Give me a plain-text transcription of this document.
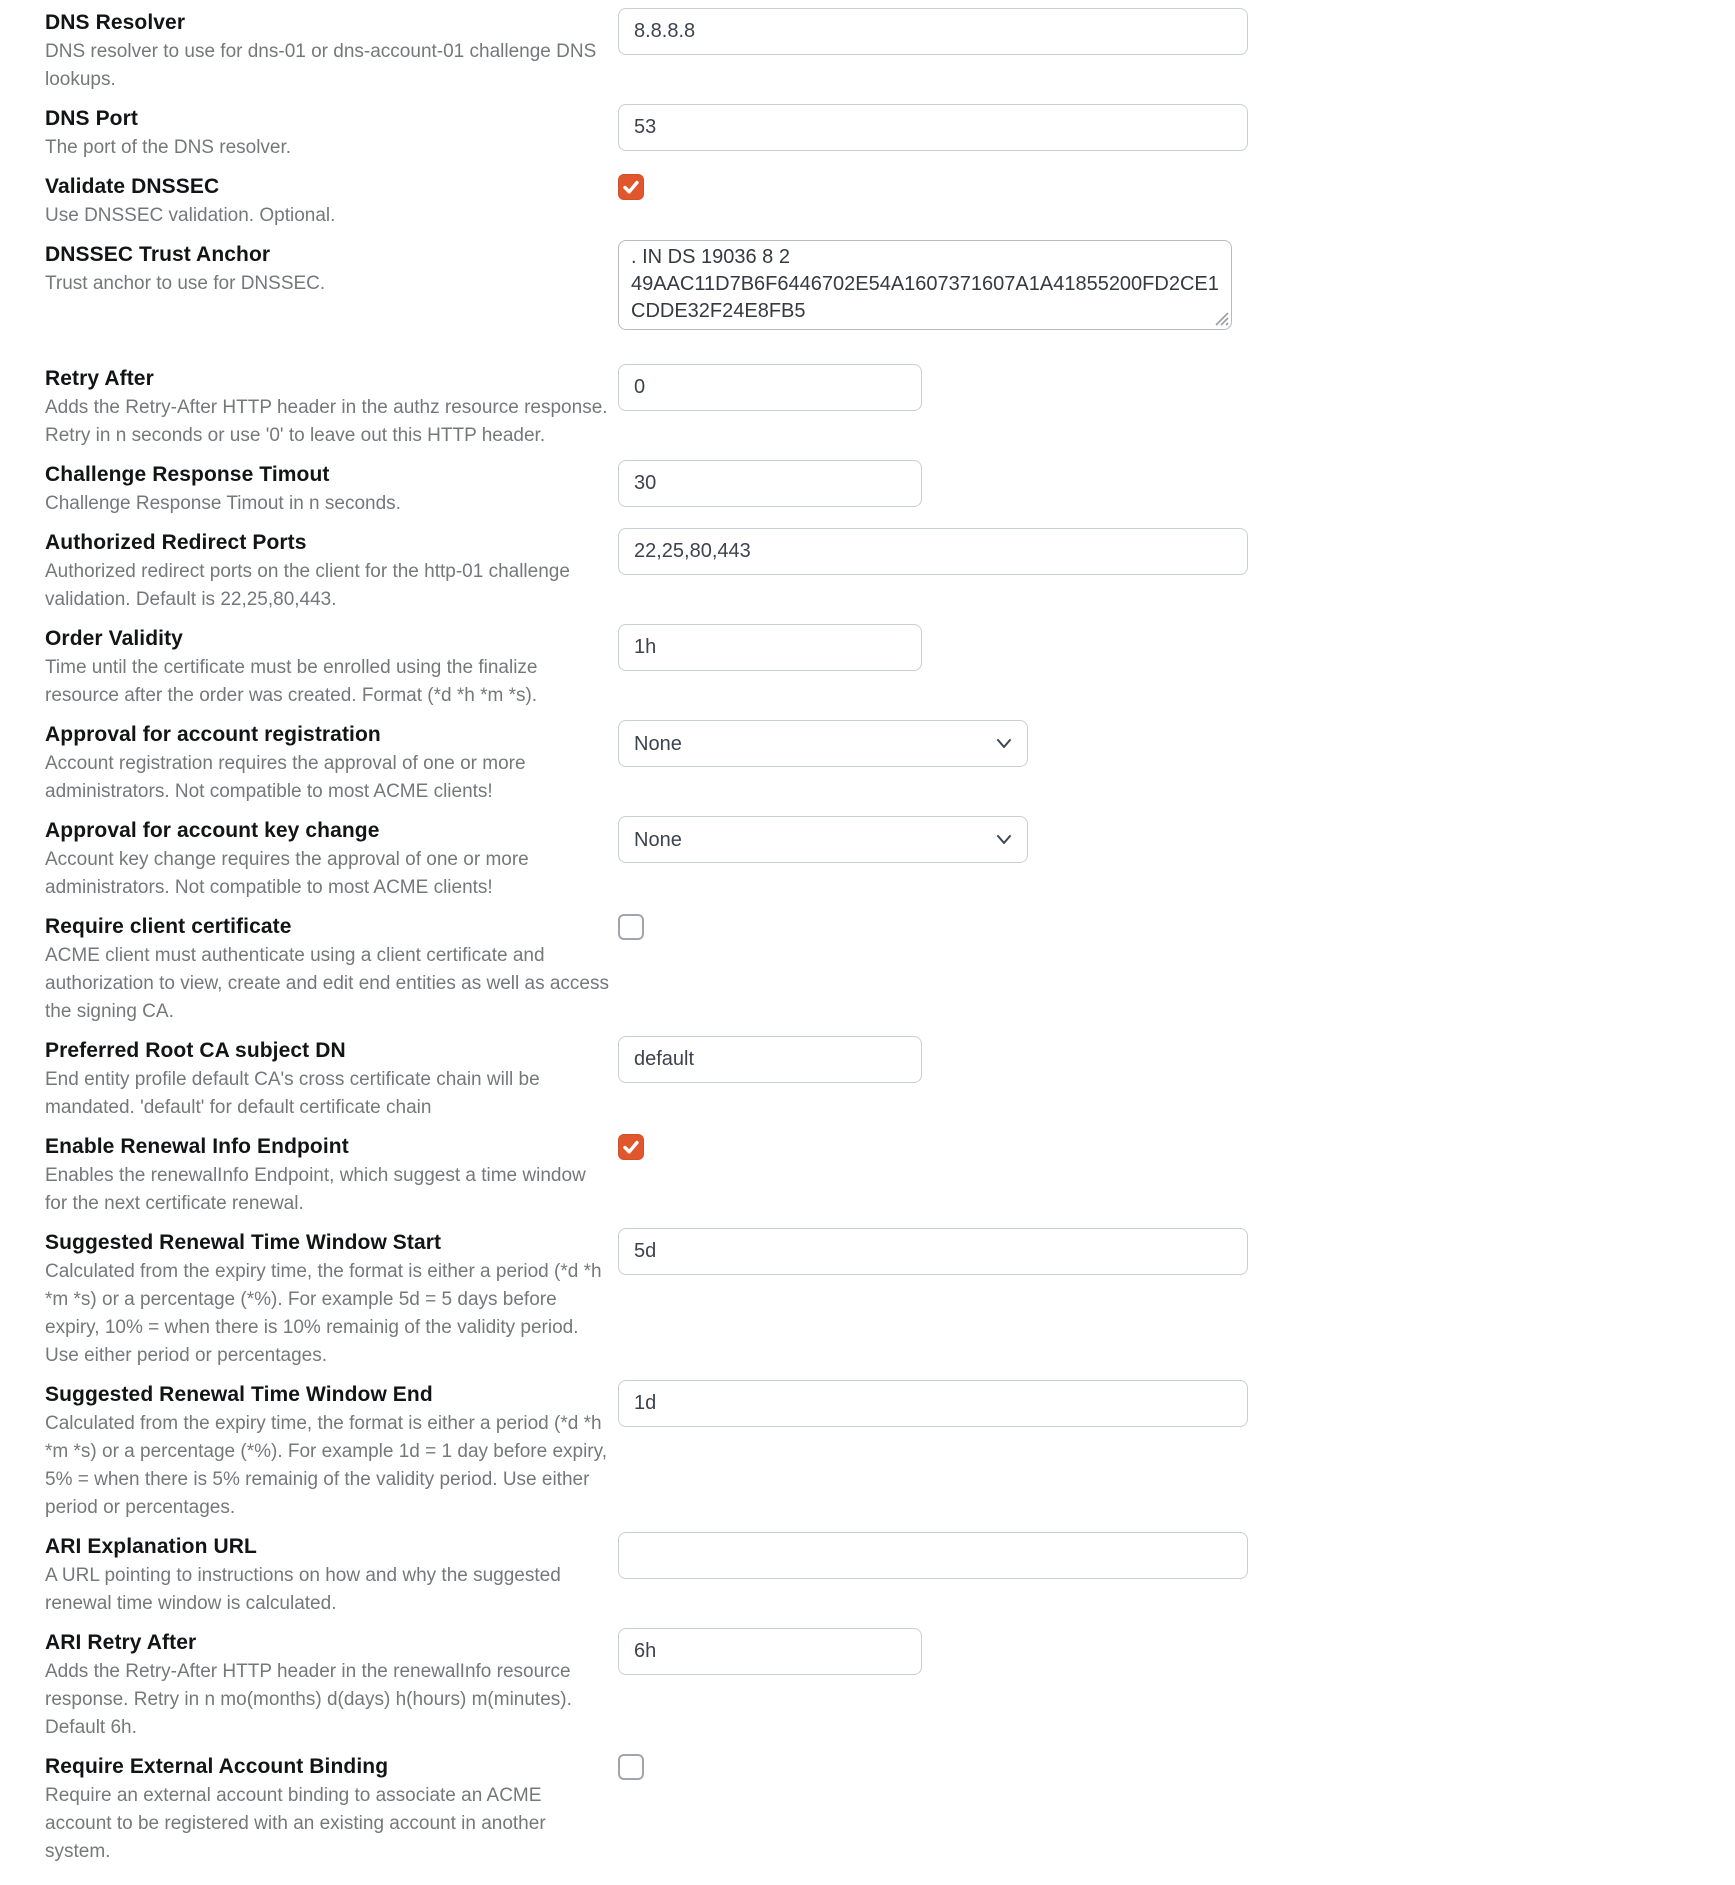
DNS Resolver
DNS resolver to use for dns-01 or dns-account-01 challenge DNS lookups.
8.8.8.8
DNS Port
The port of the DNS resolver.
53
Validate DNSSEC
Use DNSSEC validation. Optional.
DNSSEC Trust Anchor
Trust anchor to use for DNSSEC.
. IN DS 19036 8 2 49AAC11D7B6F6446702E54A1607371607A1A41855200FD2CE1CDDE32F24E8FB5
Retry After
Adds the Retry-After HTTP header in the authz resource response. Retry in n seconds or use '0' to leave out this HTTP header.
0
Challenge Response Timout
Challenge Response Timout in n seconds.
30
Authorized Redirect Ports
Authorized redirect ports on the client for the http-01 challenge validation. Default is 22,25,80,443.
22,25,80,443
Order Validity
Time until the certificate must be enrolled using the finalize resource after the order was created. Format (*d *h *m *s).
1h
Approval for account registration
Account registration requires the approval of one or more administrators. Not compatible to most ACME clients!
None
Approval for account key change
Account key change requires the approval of one or more administrators. Not compatible to most ACME clients!
None
Require client certificate
ACME client must authenticate using a client certificate and authorization to view, create and edit end entities as well as access the signing CA.
Preferred Root CA subject DN
End entity profile default CA's cross certificate chain will be mandated. 'default' for default certificate chain
default
Enable Renewal Info Endpoint
Enables the renewalInfo Endpoint, which suggest a time window for the next certificate renewal.
Suggested Renewal Time Window Start
Calculated from the expiry time, the format is either a period (*d *h *m *s) or a percentage (*%). For example 5d = 5 days before expiry, 10% = when there is 10% remainig of the validity period. Use either period or percentages.
5d
Suggested Renewal Time Window End
Calculated from the expiry time, the format is either a period (*d *h *m *s) or a percentage (*%). For example 1d = 1 day before expiry, 5% = when there is 5% remainig of the validity period. Use either period or percentages.
1d
ARI Explanation URL
A URL pointing to instructions on how and why the suggested renewal time window is calculated.
ARI Retry After
Adds the Retry-After HTTP header in the renewalInfo resource response. Retry in n mo(months) d(days) h(hours) m(minutes). Default 6h.
6h
Require External Account Binding
Require an external account binding to associate an ACME account to be registered with an existing account in another system.
